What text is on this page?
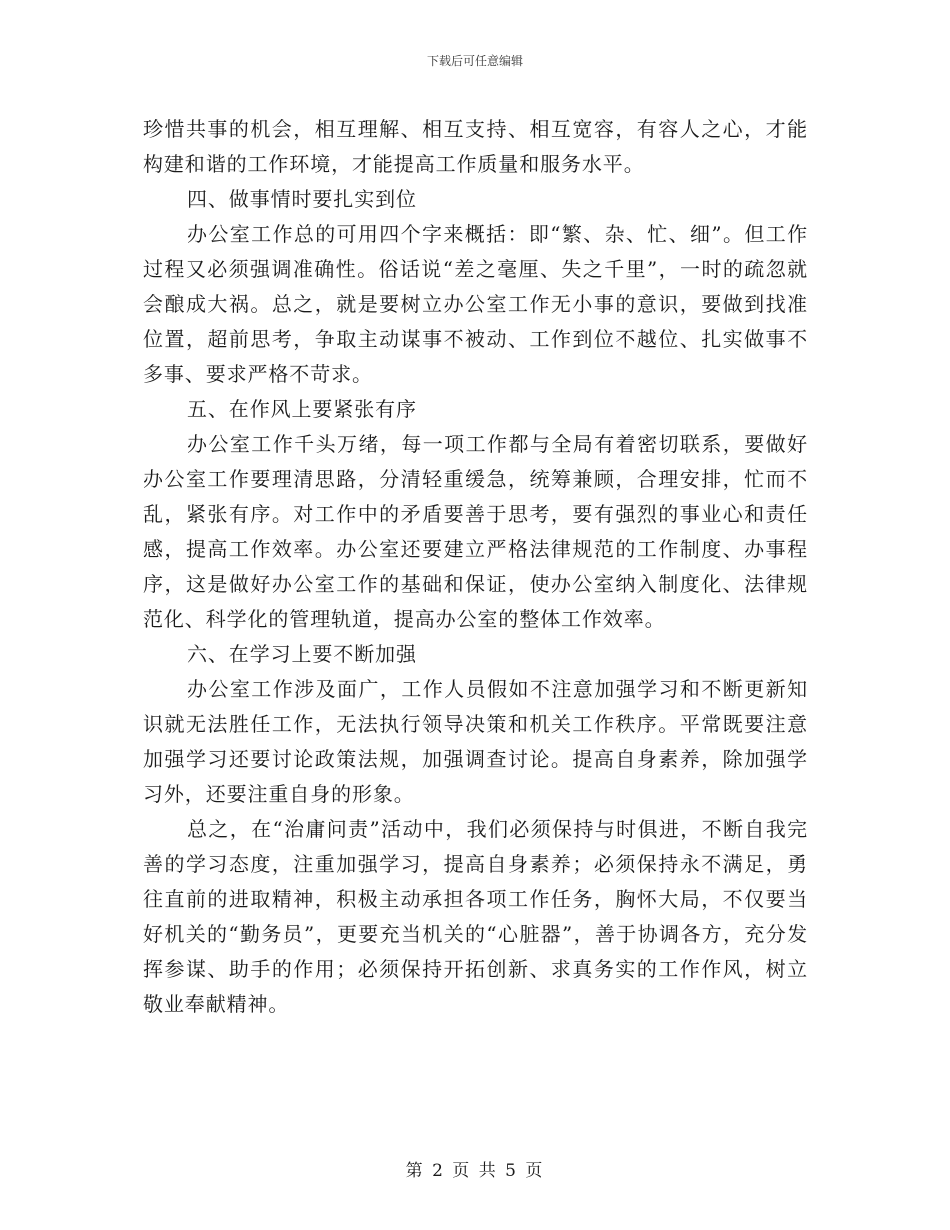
下载后可任意编辑

珍惜共事的机会，相互理解、相互支持、相互宽容，有容人之心，才能构建和谐的工作环境，才能提高工作质量和服务水平。

四、做事情时要扎实到位

办公室工作总的可用四个字来概括：即“繁、杂、忙、细”。但工作过程又必须强调准确性。俗话说“差之毫厘、失之千里”，一时的疏忽就会酿成大祸。总之，就是要树立办公室工作无小事的意识，要做到找准位置，超前思考，争取主动谋事不被动、工作到位不越位、扎实做事不多事、要求严格不苛求。

五、在作风上要紧张有序

办公室工作千头万绪，每一项工作都与全局有着密切联系，要做好办公室工作要理清思路，分清轻重缓急，统筹兼顾，合理安排，忙而不乱，紧张有序。对工作中的矛盾要善于思考，要有强烈的事业心和责任感，提高工作效率。办公室还要建立严格法律规范的工作制度、办事程序，这是做好办公室工作的基础和保证，使办公室纳入制度化、法律规范化、科学化的管理轨道，提高办公室的整体工作效率。

六、在学习上要不断加强

办公室工作涉及面广，工作人员假如不注意加强学习和不断更新知识就无法胜任工作，无法执行领导决策和机关工作秩序。平常既要注意加强学习还要讨论政策法规，加强调查讨论。提高自身素养，除加强学习外，还要注重自身的形象。

总之，在“治庸问责”活动中，我们必须保持与时俱进，不断自我完善的学习态度，注重加强学习，提高自身素养；必须保持永不满足，勇往直前的进取精神，积极主动承担各项工作任务，胸怀大局，不仅要当好机关的“勤务员”，更要充当机关的“心脏器”，善于协调各方，充分发挥参谋、助手的作用；必须保持开拓创新、求真务实的工作作风，树立敬业奉献精神。

第 2 页 共 5 页
